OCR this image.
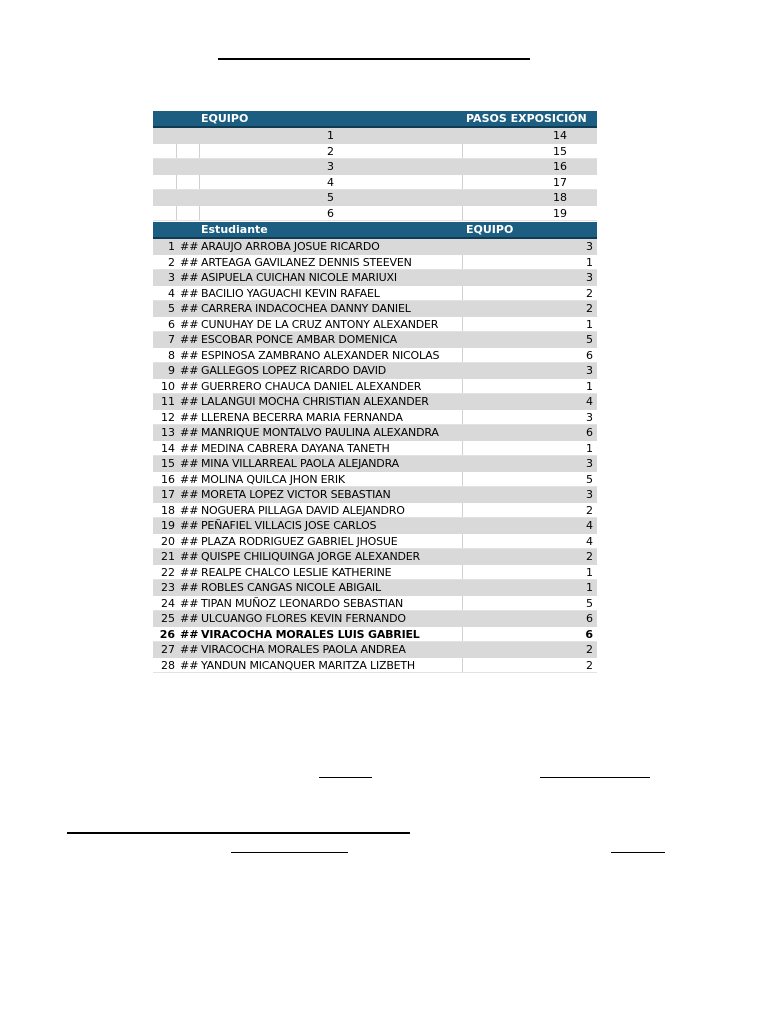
EQUIPO	PASOS EXPOSICIÓN
1	14
2	15
3	16
4	17
5	18
6	19
Estudiante	EQUIPO
1 ## ARAUJO ARROBA JOSUE RICARDO	3
2 ## ARTEAGA GAVILANEZ DENNIS STEEVEN	1
3 ## ASIPUELA CUICHAN NICOLE MARIUXI	3
4 ## BACILIO YAGUACHI KEVIN RAFAEL	2
5 ## CARRERA INDACOCHEA DANNY DANIEL	2
6 ## CUNUHAY DE LA CRUZ ANTONY ALEXANDER	1
7 ## ESCOBAR PONCE AMBAR DOMENICA	5
8 ## ESPINOSA ZAMBRANO ALEXANDER NICOLAS	6
9 ## GALLEGOS LOPEZ RICARDO DAVID	3
10 ## GUERRERO CHAUCA DANIEL ALEXANDER	1
11 ## LALANGUI MOCHA CHRISTIAN ALEXANDER	4
12 ## LLERENA BECERRA MARIA FERNANDA	3
13 ## MANRIQUE MONTALVO PAULINA ALEXANDRA	6
14 ## MEDINA CABRERA DAYANA TANETH	1
15 ## MINA VILLARREAL PAOLA ALEJANDRA	3
16 ## MOLINA QUILCA JHON ERIK	5
17 ## MORETA LOPEZ VICTOR SEBASTIAN	3
18 ## NOGUERA PILLAGA DAVID ALEJANDRO	2
19 ## PEÑAFIEL VILLACIS JOSE CARLOS	4
20 ## PLAZA RODRIGUEZ GABRIEL JHOSUE	4
21 ## QUISPE CHILIQUINGA JORGE ALEXANDER	2
22 ## REALPE CHALCO LESLIE KATHERINE	1
23 ## ROBLES CANGAS NICOLE ABIGAIL	1
24 ## TIPAN MUÑOZ LEONARDO SEBASTIAN	5
25 ## ULCUANGO FLORES KEVIN FERNANDO	6
26 ## VIRACOCHA MORALES LUIS GABRIEL	6
27 ## VIRACOCHA MORALES PAOLA ANDREA	2
28 ## YANDUN MICANQUER MARITZA LIZBETH	2
